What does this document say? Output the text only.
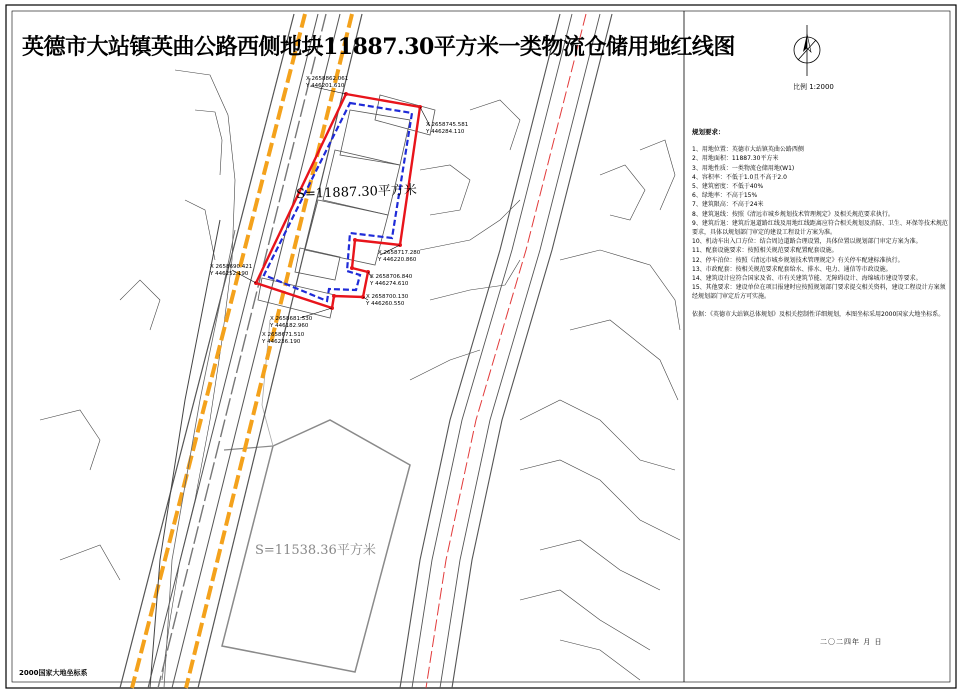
英德市大站镇英曲公路西侧地块11887.30平方米一类物流仓储用地红线图
比例 1:2000
规划要求：
1、用地位置：英德市大站镇英曲公路西侧
2、用地面积：11887.30平方米
3、用地性质：一类物流仓储用地(W1)
4、容积率：不低于1.0且不高于2.0
5、建筑密度：不低于40%
6、绿地率：不高于15%
7、建筑限高：不高于24米
8、建筑退线：按照《清远市城乡规划技术管理规定》及相关规范要求执行。
9、建筑后退：建筑后退道路红线及用地红线距离应符合相关规划及消防、卫生、环保等技术规范要求，具体以规划部门审定的建设工程设计方案为准。
10、机动车出入口方位：结合周边道路合理设置，具体位置以规划部门审定方案为准。
11、配套设施要求：按照相关规范要求配置配套设施。
12、停车泊位：按照《清远市城乡规划技术管理规定》有关停车配建标准执行。
13、市政配套：按相关规范要求配套给水、排水、电力、通信等市政设施。
14、建筑设计应符合国家及省、市有关建筑节能、无障碍设计、海绵城市建设等要求。
15、其他要求：建设单位在项目报建时应按照规划部门要求提交相关资料，建设工程设计方案须经规划部门审定后方可实施。
依据：《英德市大站镇总体规划》及相关控制性详细规划，本图坐标采用2000国家大地坐标系。
二〇二四年 月 日
2000国家大地坐标系
S=11887.30平方米
S=11538.36平方米
X 2658862.061
Y 446201.610
X 2658745.581
Y 446284.110
X 2658717.280
Y 446220.860
X 2658706.840
Y 446274.610
X 2658700.130
Y 446260.550
X 2658690.421
Y 446252.190
X 2658681.530
Y 446182.960
X 2658671.510
Y 446236.190
